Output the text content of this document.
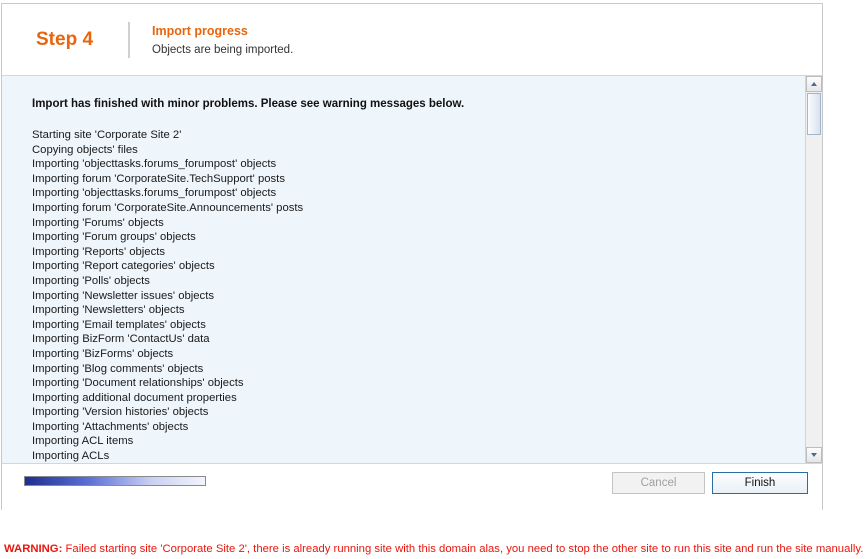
Step 4	Import progress
Objects are being imported.
Import has finished with minor problems. Please see warning messages below.
Starting site 'Corporate Site 2'
Copying objects' files
Importing 'objecttasks.forums_forumpost' objects
Importing forum 'CorporateSite.TechSupport' posts
Importing 'objecttasks.forums_forumpost' objects
Importing forum 'CorporateSite.Announcements' posts
Importing 'Forums' objects
Importing 'Forum groups' objects
Importing 'Reports' objects
Importing 'Report categories' objects
Importing 'Polls' objects
Importing 'Newsletter issues' objects
Importing 'Newsletters' objects
Importing 'Email templates' objects
Importing BizForm 'ContactUs' data
Importing 'BizForms' objects
Importing 'Blog comments' objects
Importing 'Document relationships' objects
Importing additional document properties
Importing 'Version histories' objects
Importing 'Attachments' objects
Importing ACL items
Importing ACLs
Cancel	Finish
WARNING: Failed starting site 'Corporate Site 2', there is already running site with this domain alas, you need to stop the other site to run this site and run the site manually.
